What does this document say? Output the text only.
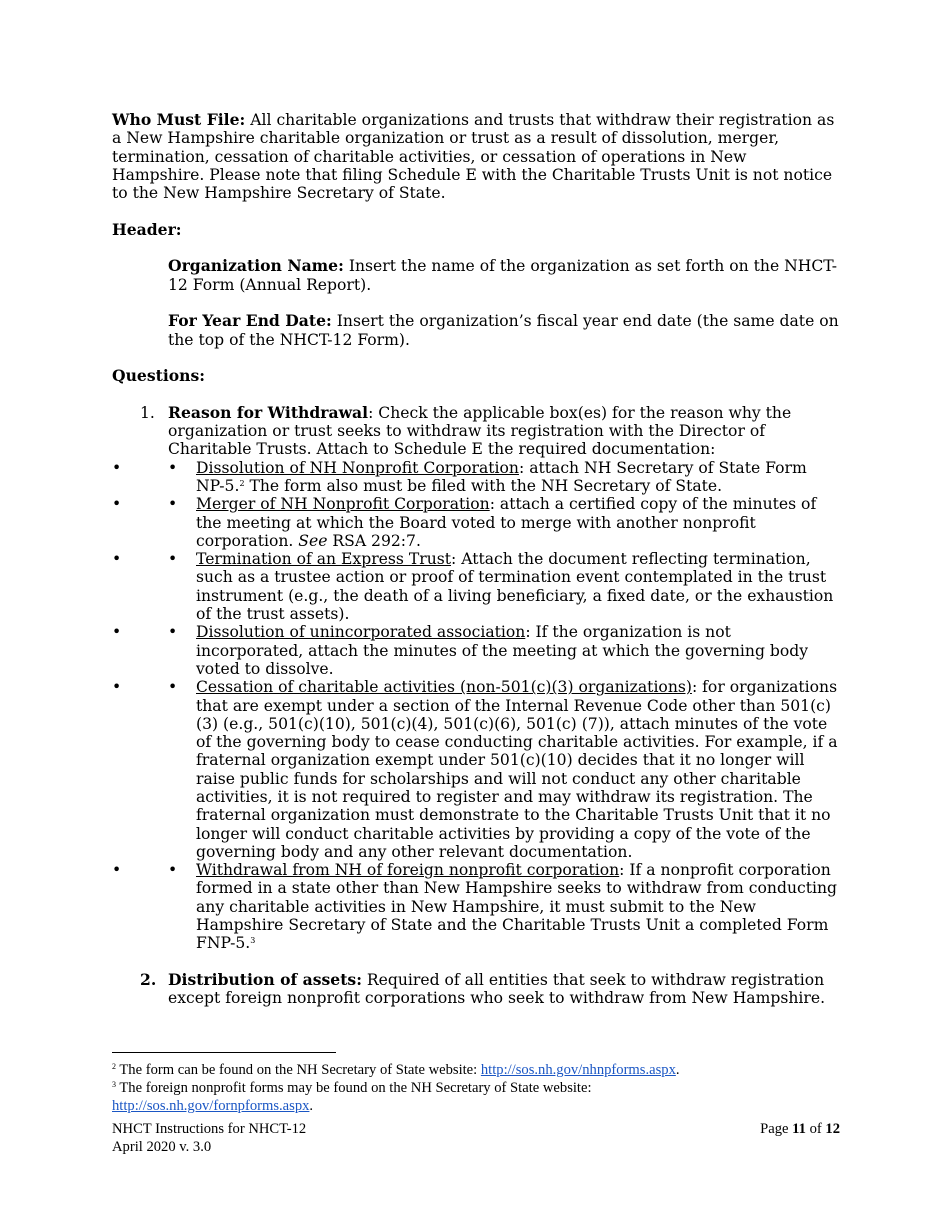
Who Must File: All charitable organizations and trusts that withdraw their registration as a New Hampshire charitable organization or trust as a result of dissolution, merger, termination, cessation of charitable activities, or cessation of operations in New Hampshire. Please note that filing Schedule E with the Charitable Trusts Unit is not notice to the New Hampshire Secretary of State.

Header:

Organization Name: Insert the name of the organization as set forth on the NHCT-12 Form (Annual Report).

For Year End Date: Insert the organization’s fiscal year end date (the same date on the top of the NHCT-12 Form).

Questions:

1. Reason for Withdrawal: Check the applicable box(es) for the reason why the organization or trust seeks to withdraw its registration with the Director of Charitable Trusts. Attach to Schedule E the required documentation:

• • Dissolution of NH Nonprofit Corporation: attach NH Secretary of State Form NP-5.$^2$ The form also must be filed with the NH Secretary of State.
• • Merger of NH Nonprofit Corporation: attach a certified copy of the minutes of the meeting at which the Board voted to merge with another nonprofit corporation. See RSA 292:7.
• • Termination of an Express Trust: Attach the document reflecting termination, such as a trustee action or proof of termination event contemplated in the trust instrument (e.g., the death of a living beneficiary, a fixed date, or the exhaustion of the trust assets).
• • Dissolution of unincorporated association: If the organization is not incorporated, attach the minutes of the meeting at which the governing body voted to dissolve.
• • Cessation of charitable activities (non-501(c)(3) organizations): for organizations that are exempt under a section of the Internal Revenue Code other than 501(c)(3) (e.g., 501(c)(10), 501(c)(4), 501(c)(6), 501(c) (7)), attach minutes of the vote of the governing body to cease conducting charitable activities. For example, if a fraternal organization exempt under 501(c)(10) decides that it no longer will raise public funds for scholarships and will not conduct any other charitable activities, it is not required to register and may withdraw its registration. The fraternal organization must demonstrate to the Charitable Trusts Unit that it no longer will conduct charitable activities by providing a copy of the vote of the governing body and any other relevant documentation.
• • Withdrawal from NH of foreign nonprofit corporation: If a nonprofit corporation formed in a state other than New Hampshire seeks to withdraw from conducting any charitable activities in New Hampshire, it must submit to the New Hampshire Secretary of State and the Charitable Trusts Unit a completed Form FNP-5.$^3$
2. Distribution of assets: Required of all entities that seek to withdraw registration except foreign nonprofit corporations who seek to withdraw from New Hampshire.

$^2$ The form can be found on the NH Secretary of State website: http://sos.nh.gov/nhnpforms.aspx.

$^3$ The foreign nonprofit forms may be found on the NH Secretary of State website:
http://sos.nh.gov/fornpforms.aspx.

NHCT Instructions for NHCT-12

April 2020 v. 3.0

Page 11 of 12
